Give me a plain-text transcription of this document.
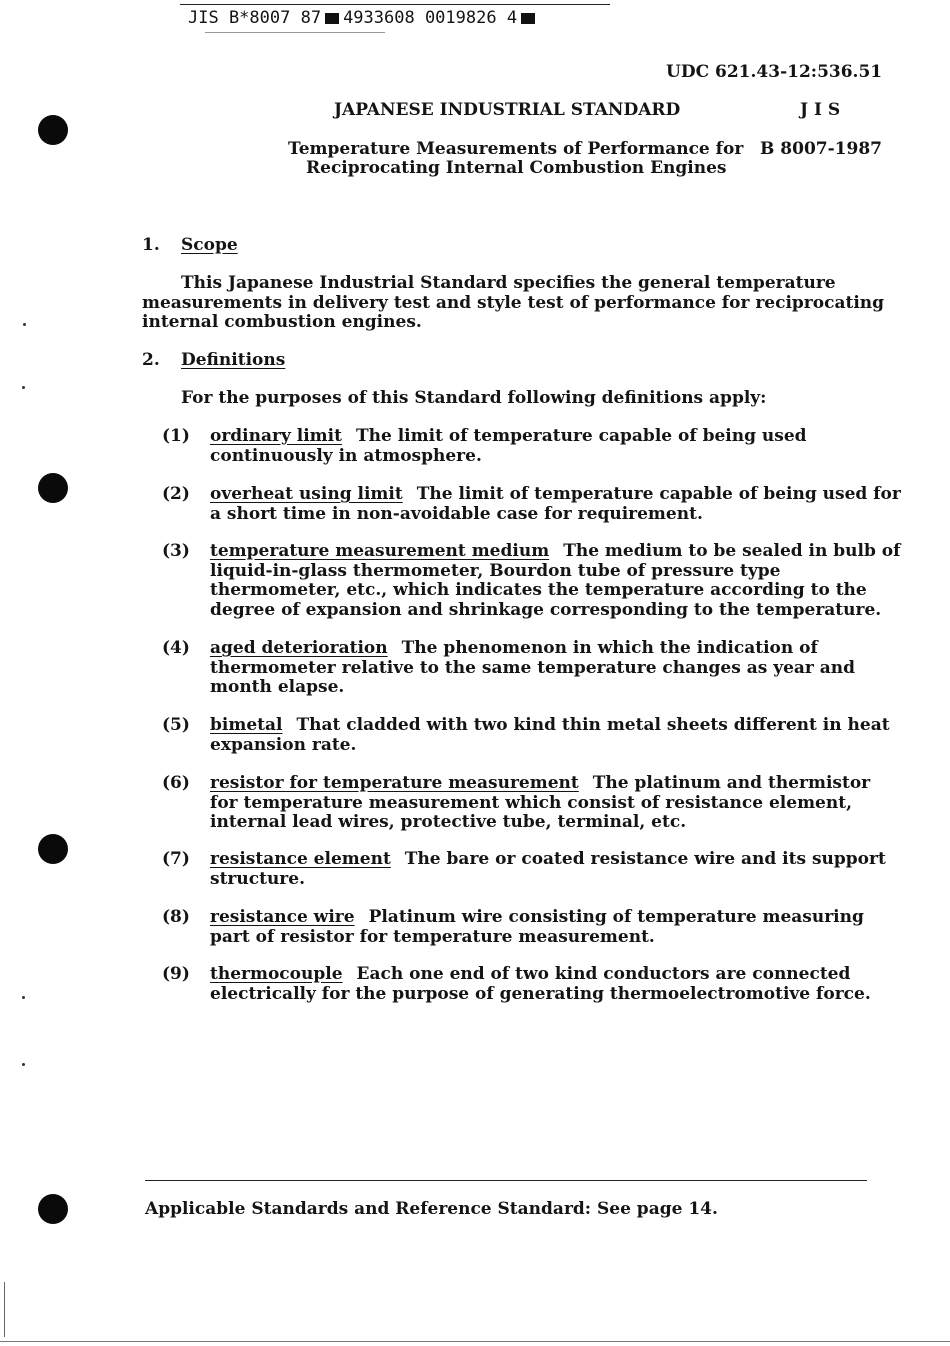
JIS B*8007 87 4933608 0019826 4
UDC 621.43-12:536.51
JAPANESE INDUSTRIAL STANDARD	J I S
Temperature Measurements of Performance for
Reciprocating Internal Combustion Engines
B 8007-1987
1. Scope
This Japanese Industrial Standard specifies the general temperature measurements in delivery test and style test of performance for reciprocating internal combustion engines.
2. Definitions
For the purposes of this Standard following definitions apply:
(1) ordinary limit The limit of temperature capable of being used continuously in atmosphere.
(2) overheat using limit The limit of temperature capable of being used for a short time in non-avoidable case for requirement.
(3) temperature measurement medium The medium to be sealed in bulb of liquid-in-glass thermometer, Bourdon tube of pressure type thermometer, etc., which indicates the temperature according to the degree of expansion and shrinkage corresponding to the temperature.
(4) aged deterioration The phenomenon in which the indication of thermometer relative to the same temperature changes as year and month elapse.
(5) bimetal That cladded with two kind thin metal sheets different in heat expansion rate.
(6) resistor for temperature measurement The platinum and thermistor for temperature measurement which consist of resistance element, internal lead wires, protective tube, terminal, etc.
(7) resistance element The bare or coated resistance wire and its support structure.
(8) resistance wire Platinum wire consisting of temperature measuring part of resistor for temperature measurement.
(9) thermocouple Each one end of two kind conductors are connected electrically for the purpose of generating thermoelectromotive force.
Applicable Standards and Reference Standard: See page 14.
